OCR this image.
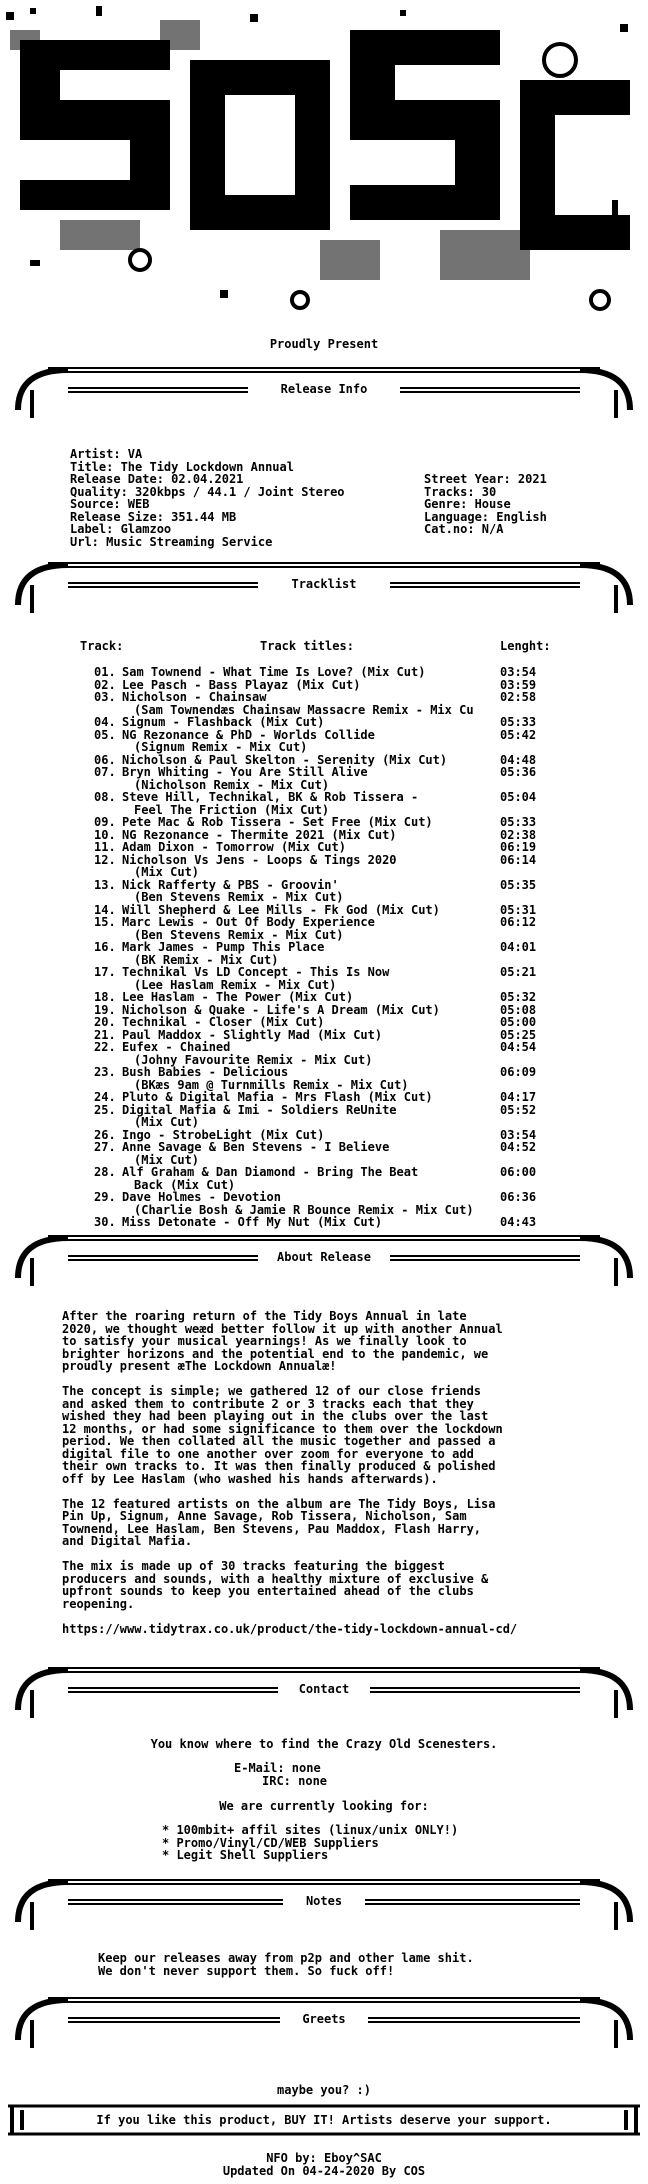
Proudly Present
Release Info
Artist: VA
Title: The Tidy Lockdown Annual
Release Date: 02.04.2021
Quality: 320kbps / 44.1 / Joint Stereo
Source: WEB
Release Size: 351.44 MB
Label: Glamzoo
Url: Music Streaming Service
Street Year: 2021
Tracks: 30
Genre: House
Language: English
Cat.no: N/A
Tracklist
Track:	Track titles:	Lenght:
01. Sam Townend - What Time Is Love? (Mix Cut)	03:54
02. Lee Pasch - Bass Playaz (Mix Cut)	03:59
03. Nicholson - Chainsaw	02:58
(Sam Townendæs Chainsaw Massacre Remix - Mix Cu
04. Signum - Flashback (Mix Cut)	05:33
05. NG Rezonance & PhD - Worlds Collide	05:42
(Signum Remix - Mix Cut)
06. Nicholson & Paul Skelton - Serenity (Mix Cut)	04:48
07. Bryn Whiting - You Are Still Alive	05:36
(Nicholson Remix - Mix Cut)
08. Steve Hill, Technikal, BK & Rob Tissera -	05:04
Feel The Friction (Mix Cut)
09. Pete Mac & Rob Tissera - Set Free (Mix Cut)	05:33
10. NG Rezonance - Thermite 2021 (Mix Cut)	02:38
11. Adam Dixon - Tomorrow (Mix Cut)	06:19
12. Nicholson Vs Jens - Loops & Tings 2020	06:14
(Mix Cut)
13. Nick Rafferty & PBS - Groovin'	05:35
(Ben Stevens Remix - Mix Cut)
14. Will Shepherd & Lee Mills - Fk God (Mix Cut)	05:31
15. Marc Lewis - Out Of Body Experience	06:12
(Ben Stevens Remix - Mix Cut)
16. Mark James - Pump This Place	04:01
(BK Remix - Mix Cut)
17. Technikal Vs LD Concept - This Is Now	05:21
(Lee Haslam Remix - Mix Cut)
18. Lee Haslam - The Power (Mix Cut)	05:32
19. Nicholson & Quake - Life's A Dream (Mix Cut)	05:08
20. Technikal - Closer (Mix Cut)	05:00
21. Paul Maddox - Slightly Mad (Mix Cut)	05:25
22. Eufex - Chained	04:54
(Johny Favourite Remix - Mix Cut)
23. Bush Babies - Delicious	06:09
(BKæs 9am @ Turnmills Remix - Mix Cut)
24. Pluto & Digital Mafia - Mrs Flash (Mix Cut)	04:17
25. Digital Mafia & Imi - Soldiers ReUnite	05:52
(Mix Cut)
26. Ingo - StrobeLight (Mix Cut)	03:54
27. Anne Savage & Ben Stevens - I Believe	04:52
(Mix Cut)
28. Alf Graham & Dan Diamond - Bring The Beat	06:00
Back (Mix Cut)
29. Dave Holmes - Devotion	06:36
(Charlie Bosh & Jamie R Bounce Remix - Mix Cut)
30. Miss Detonate - Off My Nut (Mix Cut)	04:43
About Release
After the roaring return of the Tidy Boys Annual in late
2020, we thought weæd better follow it up with another Annual
to satisfy your musical yearnings! As we finally look to
brighter horizons and the potential end to the pandemic, we
proudly present æThe Lockdown Annualæ!
The concept is simple; we gathered 12 of our close friends
and asked them to contribute 2 or 3 tracks each that they
wished they had been playing out in the clubs over the last
12 months, or had some significance to them over the lockdown
period. We then collated all the music together and passed a
digital file to one another over zoom for everyone to add
their own tracks to. It was then finally produced & polished
off by Lee Haslam (who washed his hands afterwards).
The 12 featured artists on the album are The Tidy Boys, Lisa
Pin Up, Signum, Anne Savage, Rob Tissera, Nicholson, Sam
Townend, Lee Haslam, Ben Stevens, Pau Maddox, Flash Harry,
and Digital Mafia.
The mix is made up of 30 tracks featuring the biggest
producers and sounds, with a healthy mixture of exclusive &
upfront sounds to keep you entertained ahead of the clubs
reopening.
https://www.tidytrax.co.uk/product/the-tidy-lockdown-annual-cd/
Contact
You know where to find the Crazy Old Scenesters.
E-Mail: none
IRC: none
We are currently looking for:
* 100mbit+ affil sites (linux/unix ONLY!)
* Promo/Vinyl/CD/WEB Suppliers
* Legit Shell Suppliers
Notes
Keep our releases away from p2p and other lame shit.
We don't never support them. So fuck off!
Greets
maybe you? :)
If you like this product, BUY IT! Artists deserve your support.
NFO by: Eboy^SAC
Updated On 04-24-2020 By COS
